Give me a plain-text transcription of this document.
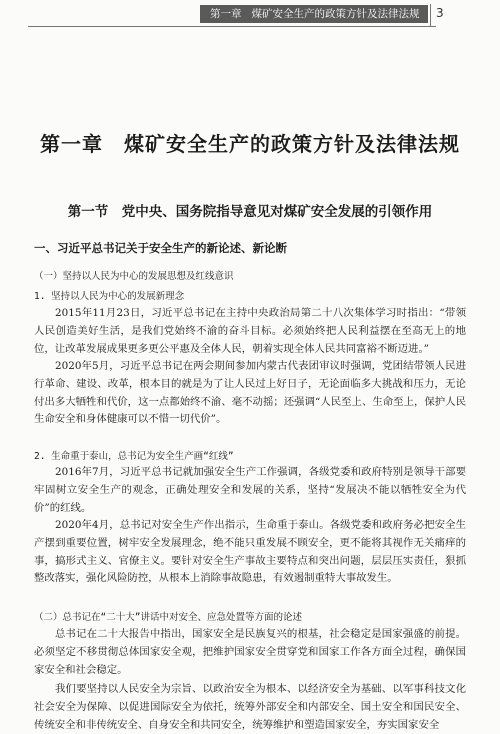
第一章 煤矿安全生产的政策方针及法律法规	3
第一章　煤矿安全生产的政策方针及法律法规
第一节　党中央、国务院指导意见对煤矿安全发展的引领作用
一、习近平总书记关于安全生产的新论述、新论断
（一）坚持以人民为中心的发展思想及红线意识
1. 坚持以人民为中心的发展新理念

2015年11月23日，习近平总书记在主持中央政治局第二十八次集体学习时指出：“带领人民创造美好生活，是我们党始终不渝的奋斗目标。必须始终把人民利益摆在至高无上的地位，让改革发展成果更多更公平惠及全体人民，朝着实现全体人民共同富裕不断迈进。”

2020年5月，习近平总书记在两会期间参加内蒙古代表团审议时强调，党团结带领人民进行革命、建设、改革，根本目的就是为了让人民过上好日子，无论面临多大挑战和压力，无论付出多大牺牲和代价，这一点都始终不渝、毫不动摇；还强调“人民至上、生命至上，保护人民生命安全和身体健康可以不惜一切代价”。

2. 生命重于泰山，总书记为安全生产画“红线”

2016年7月，习近平总书记就加强安全生产工作强调，各级党委和政府特别是领导干部要牢固树立安全生产的观念，正确处理安全和发展的关系，坚持“发展决不能以牺牲安全为代价”的红线。

2020年4月，总书记对安全生产作出指示，生命重于泰山。各级党委和政府务必把安全生产摆到重要位置，树牢安全发展理念，绝不能只重发展不顾安全，更不能将其视作无关痛痒的事，搞形式主义、官僚主义。要针对安全生产事故主要特点和突出问题，层层压实责任，狠抓整改落实，强化风险防控，从根本上消除事故隐患，有效遏制重特大事故发生。

（二）总书记在“二十大”讲话中对安全、应急处置等方面的论述

总书记在二十大报告中指出，国家安全是民族复兴的根基，社会稳定是国家强盛的前提。必须坚定不移贯彻总体国家安全观，把维护国家安全贯穿党和国家工作各方面全过程，确保国家安全和社会稳定。

我们要坚持以人民安全为宗旨、以政治安全为根本、以经济安全为基础、以军事科技文化社会安全为保障、以促进国际安全为依托，统筹外部安全和内部安全、国土安全和国民安全、传统安全和非传统安全、自身安全和共同安全，统筹维护和塑造国家安全，夯实国家安全
